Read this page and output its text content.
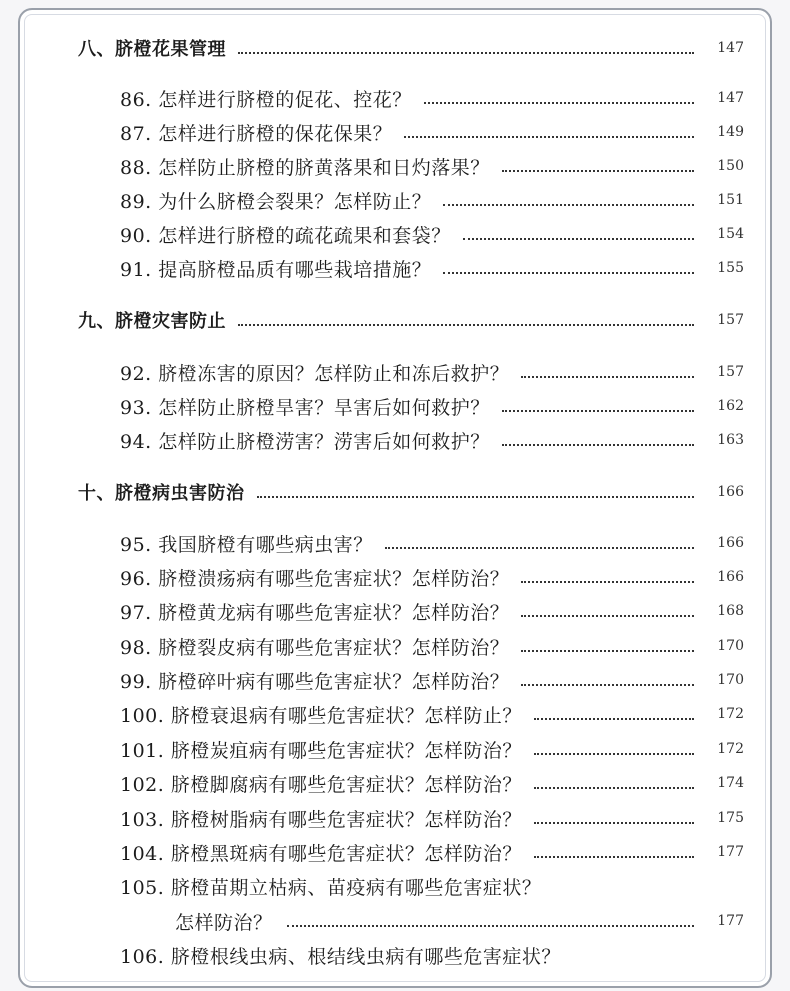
八、脐橙花果管理	147
86. 怎样进行脐橙的促花、控花？	147
87. 怎样进行脐橙的保花保果？	149
88. 怎样防止脐橙的脐黄落果和日灼落果？	150
89. 为什么脐橙会裂果？怎样防止？	151
90. 怎样进行脐橙的疏花疏果和套袋？	154
91. 提高脐橙品质有哪些栽培措施？	155
九、脐橙灾害防止	157
92. 脐橙冻害的原因？怎样防止和冻后救护？	157
93. 怎样防止脐橙旱害？旱害后如何救护？	162
94. 怎样防止脐橙涝害？涝害后如何救护？	163
十、脐橙病虫害防治	166
95. 我国脐橙有哪些病虫害？	166
96. 脐橙溃疡病有哪些危害症状？怎样防治？	166
97. 脐橙黄龙病有哪些危害症状？怎样防治？	168
98. 脐橙裂皮病有哪些危害症状？怎样防治？	170
99. 脐橙碎叶病有哪些危害症状？怎样防治？	170
100. 脐橙衰退病有哪些危害症状？怎样防止？	172
101. 脐橙炭疽病有哪些危害症状？怎样防治？	172
102. 脐橙脚腐病有哪些危害症状？怎样防治？	174
103. 脐橙树脂病有哪些危害症状？怎样防治？	175
104. 脐橙黑斑病有哪些危害症状？怎样防治？	177
105. 脐橙苗期立枯病、苗疫病有哪些危害症状？
怎样防治？	177
106. 脐橙根线虫病、根结线虫病有哪些危害症状？
